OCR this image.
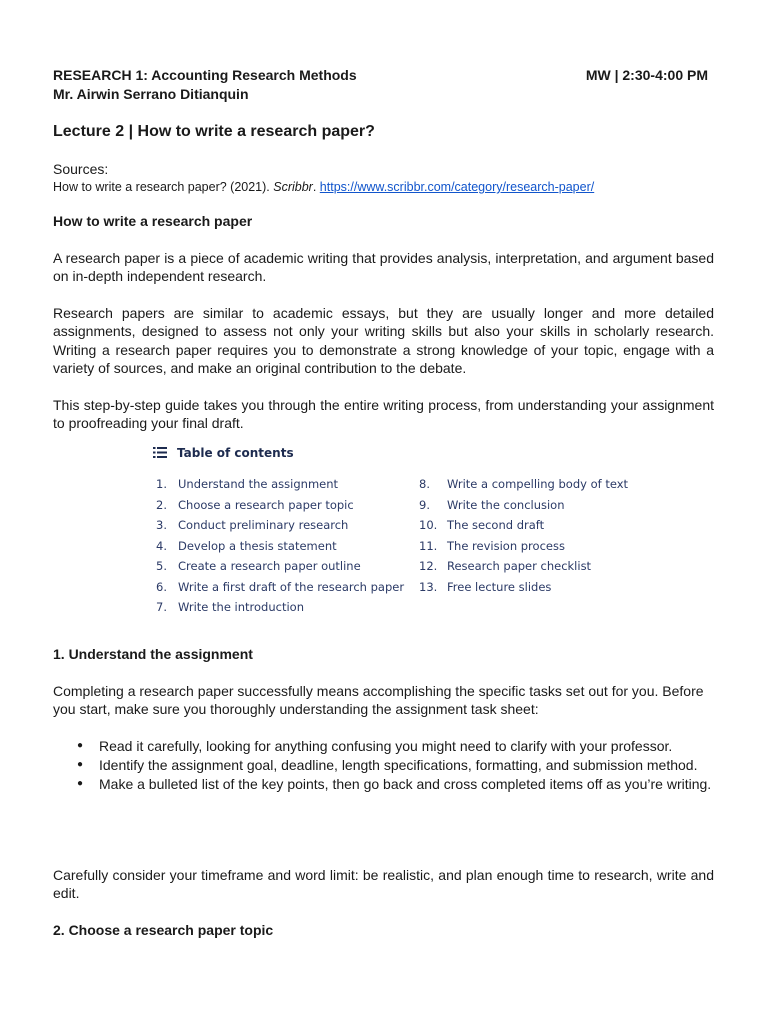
RESEARCH 1: Accounting Research Methods	MW | 2:30-4:00 PM
Mr. Airwin Serrano Ditianquin
Lecture 2 | How to write a research paper?
Sources:
How to write a research paper? (2021). Scribbr. https://www.scribbr.com/category/research-paper/
How to write a research paper
A research paper is a piece of academic writing that provides analysis, interpretation, and argument based on in-depth independent research.
Research papers are similar to academic essays, but they are usually longer and more detailed assignments, designed to assess not only your writing skills but also your skills in scholarly research. Writing a research paper requires you to demonstrate a strong knowledge of your topic, engage with a variety of sources, and make an original contribution to the debate.
This step-by-step guide takes you through the entire writing process, from understanding your assignment to proofreading your final draft.
Table of contents
1. Understand the assignment
2. Choose a research paper topic
3. Conduct preliminary research
4. Develop a thesis statement
5. Create a research paper outline
6. Write a first draft of the research paper
7. Write the introduction
8. Write a compelling body of text
9. Write the conclusion
10. The second draft
11. The revision process
12. Research paper checklist
13. Free lecture slides
1. Understand the assignment
Completing a research paper successfully means accomplishing the specific tasks set out for you. Before you start, make sure you thoroughly understanding the assignment task sheet:
● Read it carefully, looking for anything confusing you might need to clarify with your professor.
● Identify the assignment goal, deadline, length specifications, formatting, and submission method.
● Make a bulleted list of the key points, then go back and cross completed items off as you’re writing.
Carefully consider your timeframe and word limit: be realistic, and plan enough time to research, write and edit.
2. Choose a research paper topic
